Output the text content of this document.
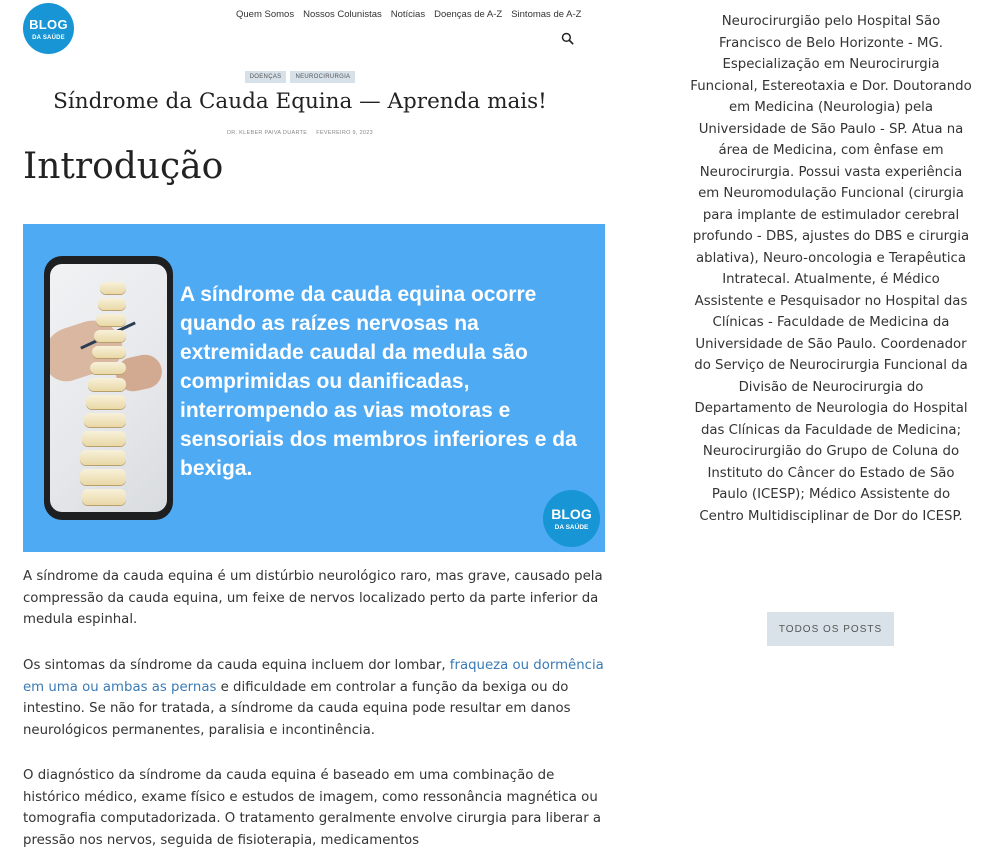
BLOG
DA SAÚDE
Quem Somos Nossos Colunistas Notícias Doenças de A-Z Sintomas de A-Z
DOENÇAS	NEUROCIRURGIA
Síndrome da Cauda Equina — Aprenda mais!
DR. KLEBER PAIVA DUARTE FEVEREIRO 9, 2023
Introdução

A síndrome da cauda equina ocorre quando as raízes nervosas na extremidade caudal da medula são comprimidas ou danificadas, interrompendo as vias motoras e sensoriais dos membros inferiores e da bexiga.

BLOG
DA SAÚDE

A síndrome da cauda equina é um distúrbio neurológico raro, mas grave, causado pela compressão da cauda equina, um feixe de nervos localizado perto da parte inferior da medula espinhal.

Os sintomas da síndrome da cauda equina incluem dor lombar, fraqueza ou dormência em uma ou ambas as pernas e dificuldade em controlar a função da bexiga ou do intestino. Se não for tratada, a síndrome da cauda equina pode resultar em danos neurológicos permanentes, paralisia e incontinência.

O diagnóstico da síndrome da cauda equina é baseado em uma combinação de histórico médico, exame físico e estudos de imagem, como ressonância magnética ou tomografia computadorizada. O tratamento geralmente envolve cirurgia para liberar a pressão nos nervos, seguida de fisioterapia, medicamentos

Neurocirurgião pelo Hospital São Francisco de Belo Horizonte - MG. Especialização em Neurocirurgia Funcional, Estereotaxia e Dor. Doutorando em Medicina (Neurologia) pela Universidade de São Paulo - SP. Atua na área de Medicina, com ênfase em Neurocirurgia. Possui vasta experiência em Neuromodulação Funcional (cirurgia para implante de estimulador cerebral profundo - DBS, ajustes do DBS e cirurgia ablativa), Neuro-oncologia e Terapêutica Intratecal. Atualmente, é Médico Assistente e Pesquisador no Hospital das Clínicas - Faculdade de Medicina da Universidade de São Paulo. Coordenador do Serviço de Neurocirurgia Funcional da Divisão de Neurocirurgia do Departamento de Neurologia do Hospital das Clínicas da Faculdade de Medicina; Neurocirurgião do Grupo de Coluna do Instituto do Câncer do Estado de São Paulo (ICESP); Médico Assistente do Centro Multidisciplinar de Dor do ICESP.

TODOS OS POSTS
